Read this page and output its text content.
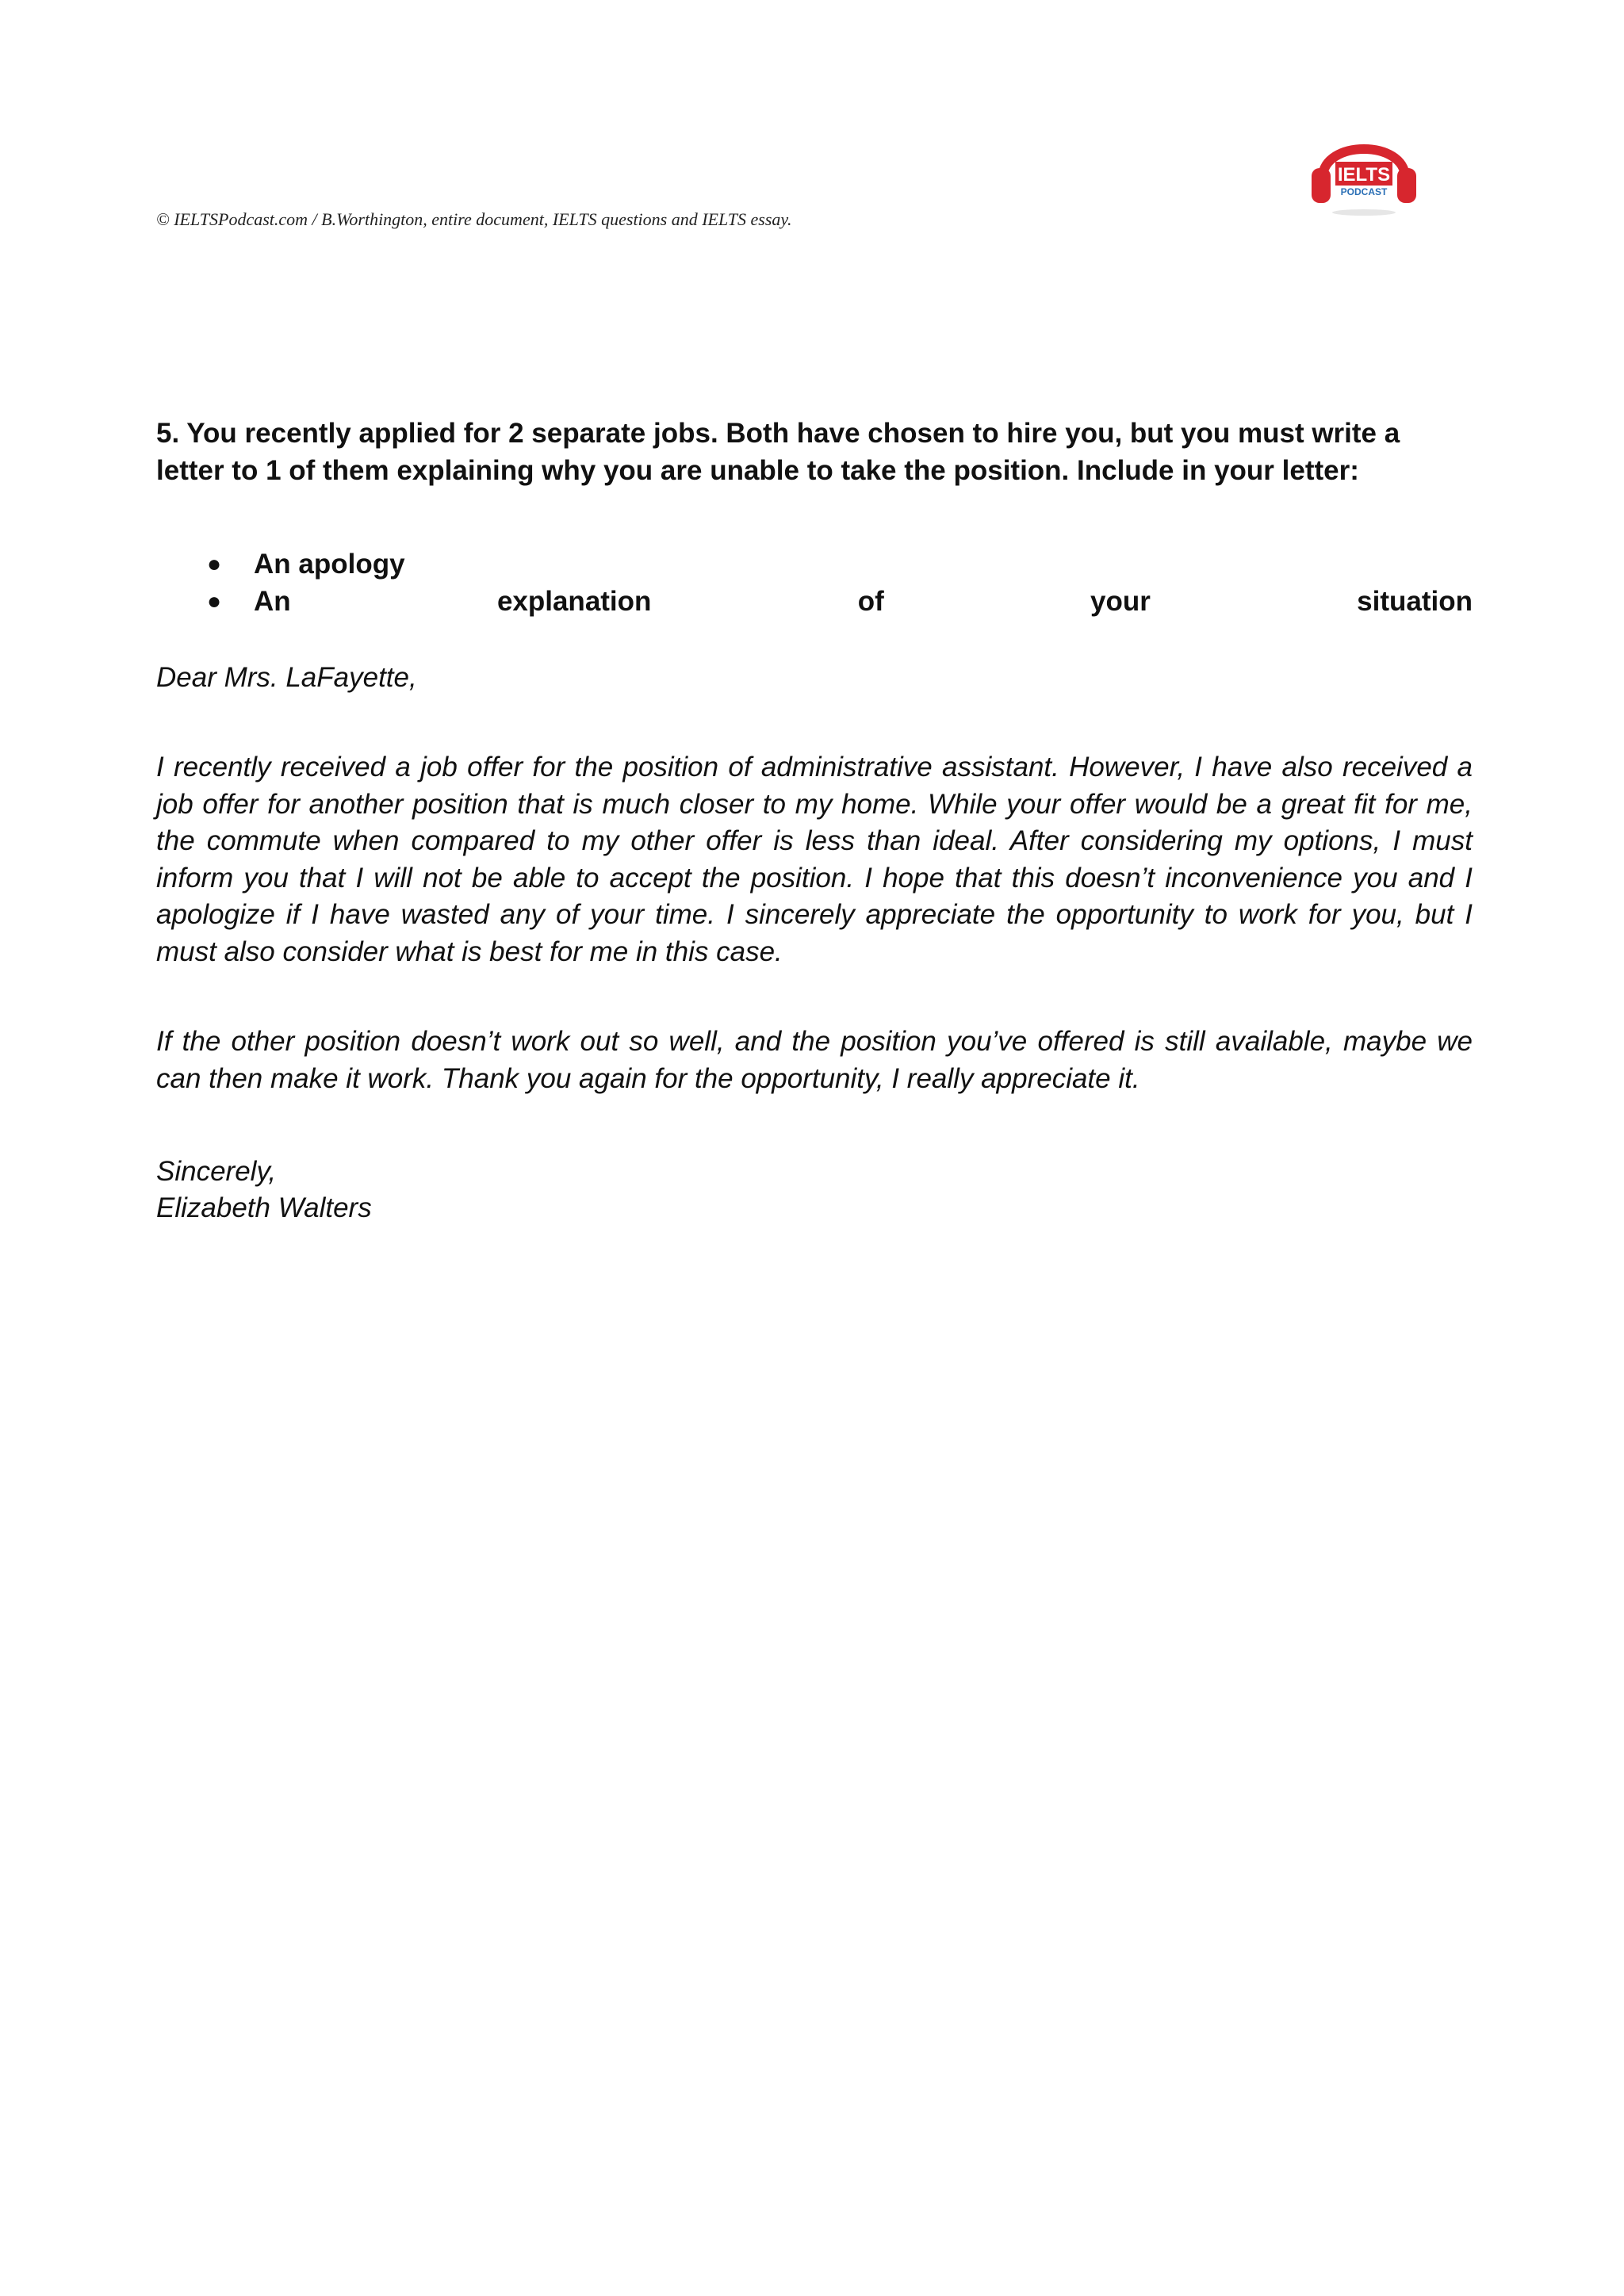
© IELTSPodcast.com / B.Worthington, entire document, IELTS questions and IELTS essay.
IELTS
PODCAST

5. You recently applied for 2 separate jobs. Both have chosen to hire you, but you must write a letter to 1 of them explaining why you are unable to take the position. Include in your letter:

● An apology
● An	explanation	of	your	situation

Dear Mrs. LaFayette,

I recently received a job offer for the position of administrative assistant. However, I have also received a job offer for another position that is much closer to my home. While your offer would be a great fit for me, the commute when compared to my other offer is less than ideal. After considering my options, I must inform you that I will not be able to accept the position. I hope that this doesn’t inconvenience you and I apologize if I have wasted any of your time. I sincerely appreciate the opportunity to work for you, but I must also consider what is best for me in this case.

If the other position doesn’t work out so well, and the position you’ve offered is still available, maybe we can then make it work. Thank you again for the opportunity, I really appreciate it.

Sincerely,

Elizabeth Walters
